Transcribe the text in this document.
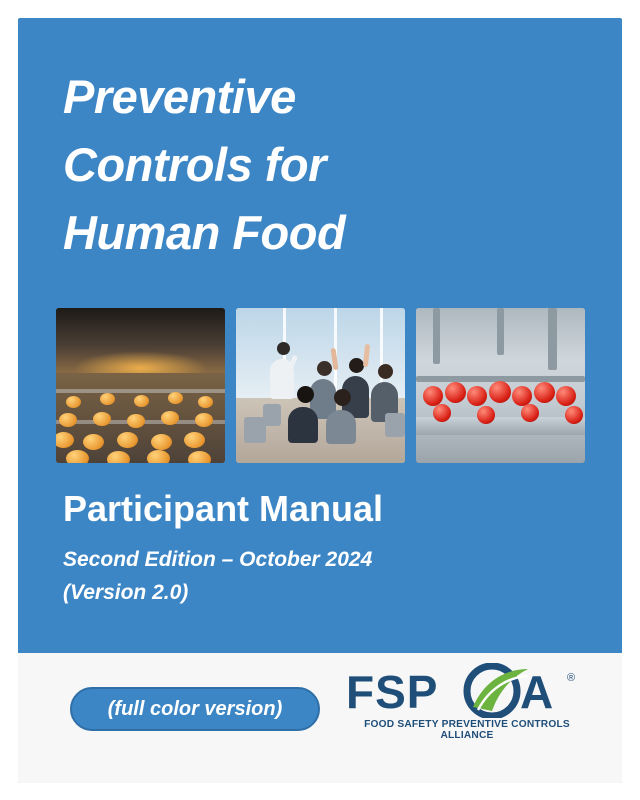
Preventive
Controls for
Human Food
Participant Manual
Second Edition – October 2024
(Version 2.0)
(full color version)	FSP A ®
FOOD SAFETY PREVENTIVE CONTROLS ALLIANCE
